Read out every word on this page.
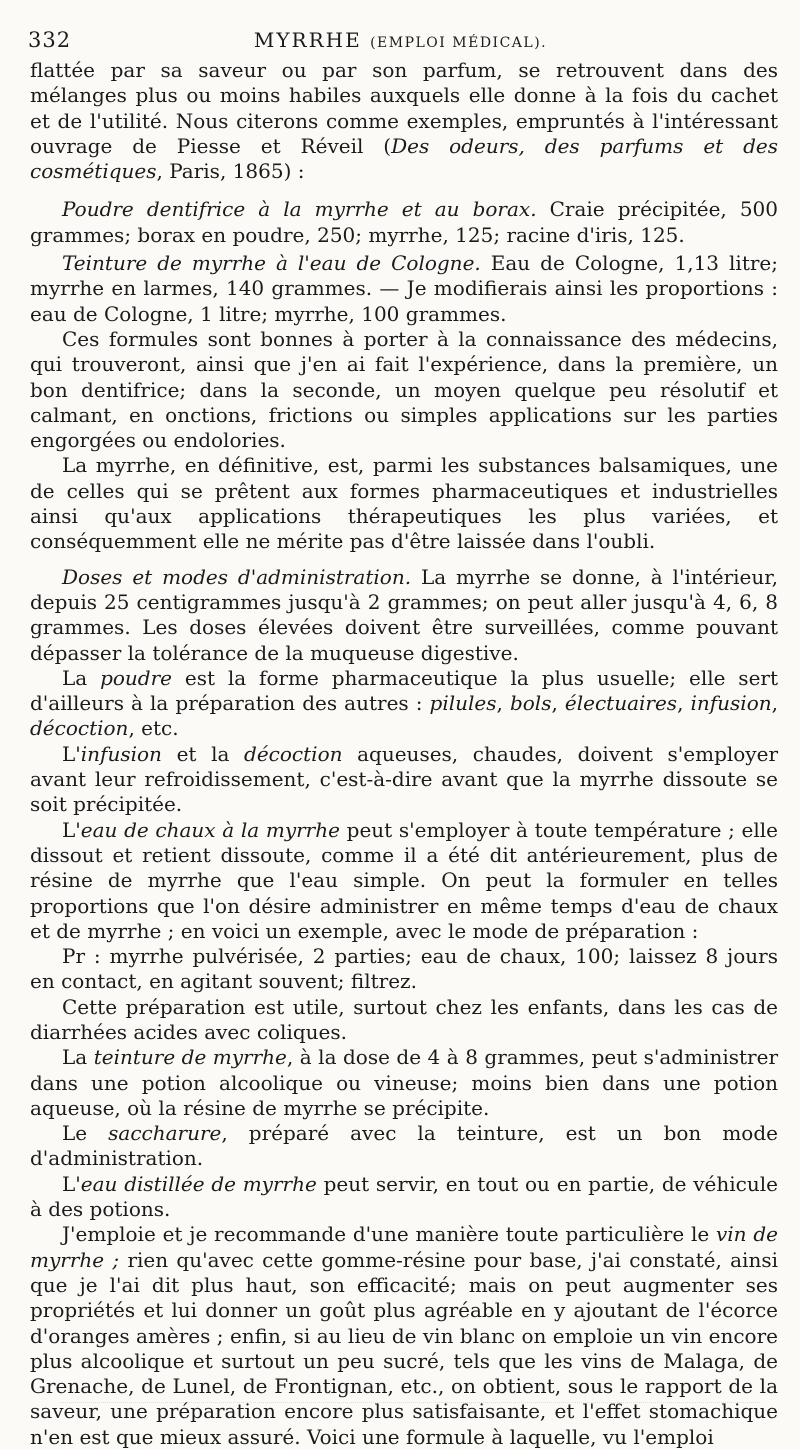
332	MYRRHE (EMPLOI MÉDICAL).

flattée par sa saveur ou par son parfum, se retrouvent dans des mélanges plus ou moins habiles auxquels elle donne à la fois du cachet et de l'utilité. Nous citerons comme exemples, empruntés à l'intéressant ouvrage de Piesse et Réveil (Des odeurs, des parfums et des cosmétiques, Paris, 1865) :

Poudre dentifrice à la myrrhe et au borax. Craie précipitée, 500 grammes; borax en poudre, 250; myrrhe, 125; racine d'iris, 125.

Teinture de myrrhe à l'eau de Cologne. Eau de Cologne, 1,13 litre; myrrhe en larmes, 140 grammes. — Je modifierais ainsi les proportions : eau de Cologne, 1 litre; myrrhe, 100 grammes.

Ces formules sont bonnes à porter à la connaissance des médecins, qui trouveront, ainsi que j'en ai fait l'expérience, dans la première, un bon dentifrice; dans la seconde, un moyen quelque peu résolutif et calmant, en onctions, frictions ou simples applications sur les parties engorgées ou endolories.

La myrrhe, en définitive, est, parmi les substances balsamiques, une de celles qui se prêtent aux formes pharmaceutiques et industrielles ainsi qu'aux applications thérapeutiques les plus variées, et conséquemment elle ne mérite pas d'être laissée dans l'oubli.

Doses et modes d'administration. La myrrhe se donne, à l'intérieur, depuis 25 centigrammes jusqu'à 2 grammes; on peut aller jusqu'à 4, 6, 8 grammes. Les doses élevées doivent être surveillées, comme pouvant dépasser la tolérance de la muqueuse digestive.

La poudre est la forme pharmaceutique la plus usuelle; elle sert d'ailleurs à la préparation des autres : pilules, bols, électuaires, infusion, décoction, etc.

L'infusion et la décoction aqueuses, chaudes, doivent s'employer avant leur refroidissement, c'est-à-dire avant que la myrrhe dissoute se soit précipitée.

L'eau de chaux à la myrrhe peut s'employer à toute température ; elle dissout et retient dissoute, comme il a été dit antérieurement, plus de résine de myrrhe que l'eau simple. On peut la formuler en telles proportions que l'on désire administrer en même temps d'eau de chaux et de myrrhe ; en voici un exemple, avec le mode de préparation :

Pr : myrrhe pulvérisée, 2 parties; eau de chaux, 100; laissez 8 jours en contact, en agitant souvent; filtrez.

Cette préparation est utile, surtout chez les enfants, dans les cas de diarrhées acides avec coliques.

La teinture de myrrhe, à la dose de 4 à 8 grammes, peut s'administrer dans une potion alcoolique ou vineuse; moins bien dans une potion aqueuse, où la résine de myrrhe se précipite.

Le saccharure, préparé avec la teinture, est un bon mode d'administration.

L'eau distillée de myrrhe peut servir, en tout ou en partie, de véhicule à des potions.

J'emploie et je recommande d'une manière toute particulière le vin de myrrhe ; rien qu'avec cette gomme-résine pour base, j'ai constaté, ainsi que je l'ai dit plus haut, son efficacité; mais on peut augmenter ses propriétés et lui donner un goût plus agréable en y ajoutant de l'écorce d'oranges amères ; enfin, si au lieu de vin blanc on emploie un vin encore plus alcoolique et surtout un peu sucré, tels que les vins de Malaga, de Grenache, de Lunel, de Frontignan, etc., on obtient, sous le rapport de la saveur, une préparation encore plus satisfaisante, et l'effet stomachique n'en est que mieux assuré. Voici une formule à laquelle, vu l'emploi
